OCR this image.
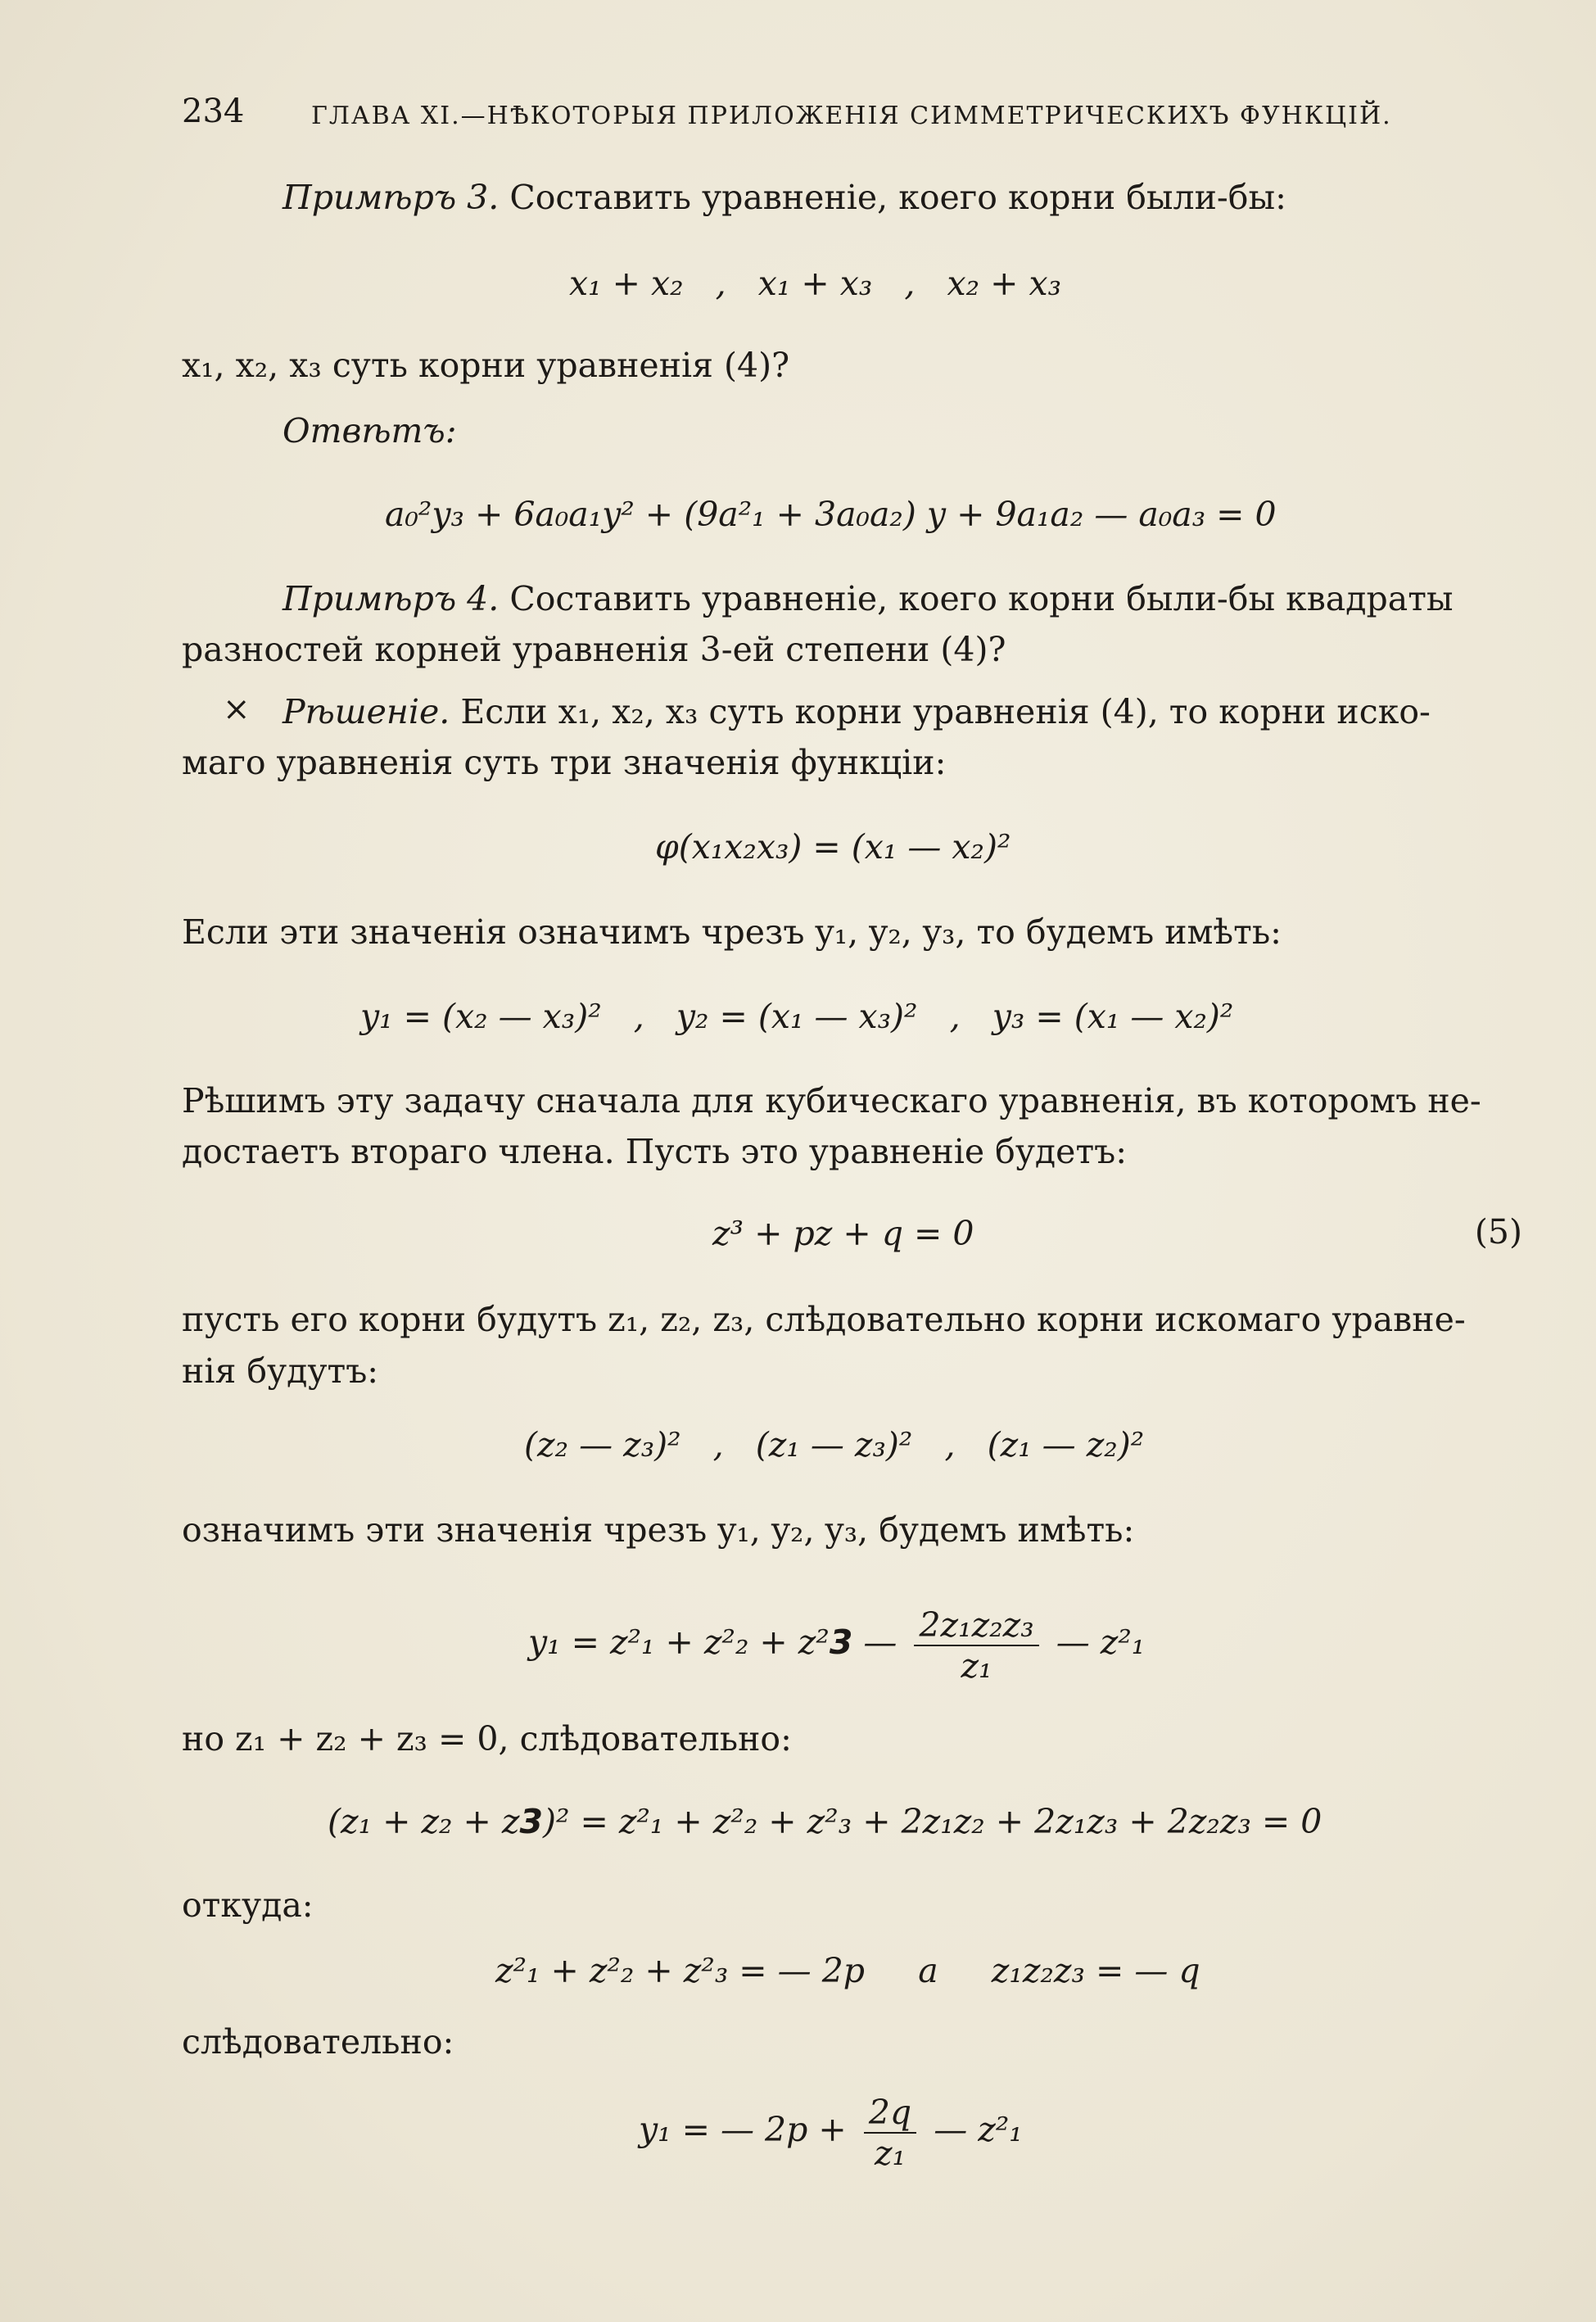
234	ГЛАВА XI.—НѢКОТОРЫЯ ПРИЛОЖЕНІЯ СИММЕТРИЧЕСКИХЪ ФУНКЦІЙ.
Примѣръ 3. Составить уравненіе, коего корни были-бы:
x₁ + x₂   ,   x₁ + x₃   ,   x₂ + x₃
x₁, x₂, x₃ суть корни уравненія (4)?
Отвѣтъ:
a₀²y₃ + 6a₀a₁y² + (9a²₁ + 3a₀a₂) y + 9a₁a₂ — a₀a₃ = 0
Примѣръ 4. Составить уравненіе, коего корни были-бы квадраты
разностей корней уравненія 3-ей степени (4)?
× Рѣшеніе. Если x₁, x₂, x₃ суть корни уравненія (4), то корни иско-
маго уравненія суть три значенія функціи:
φ(x₁x₂x₃) = (x₁ — x₂)²
Если эти значенія означимъ чрезъ y₁, y₂, y₃, то будемъ имѣть:
y₁ = (x₂ — x₃)²   ,   y₂ = (x₁ — x₃)²   ,   y₃ = (x₁ — x₂)²
Рѣшимъ эту задачу сначала для кубическаго уравненія, въ которомъ не-
достаетъ втораго члена. Пусть это уравненіе будетъ:
z³ + pz + q = 0	(5)
пусть его корни будутъ z₁, z₂, z₃, слѣдовательно корни искомаго уравне-
нія будутъ:
(z₂ — z₃)²   ,   (z₁ — z₃)²   ,   (z₁ — z₂)²
означимъ эти значенія чрезъ y₁, y₂, y₃, будемъ имѣть:
y₁ = z²₁ + z²₂ + z²3 — $\frac{\text{2z₁z₂z₃}}{\text{z₁}}$ — z²₁
но z₁ + z₂ + z₃ = 0, слѣдовательно:
(z₁ + z₂ + z3)² = z²₁ + z²₂ + z²₃ + 2z₁z₂ + 2z₁z₃ + 2z₂z₃ = 0
откуда:
z²₁ + z²₂ + z²₃ = — 2p     а     z₁z₂z₃ = — q
слѣдовательно:
y₁ = — $2p + \frac{2q}{\text{z₁}}$ — z²₁
